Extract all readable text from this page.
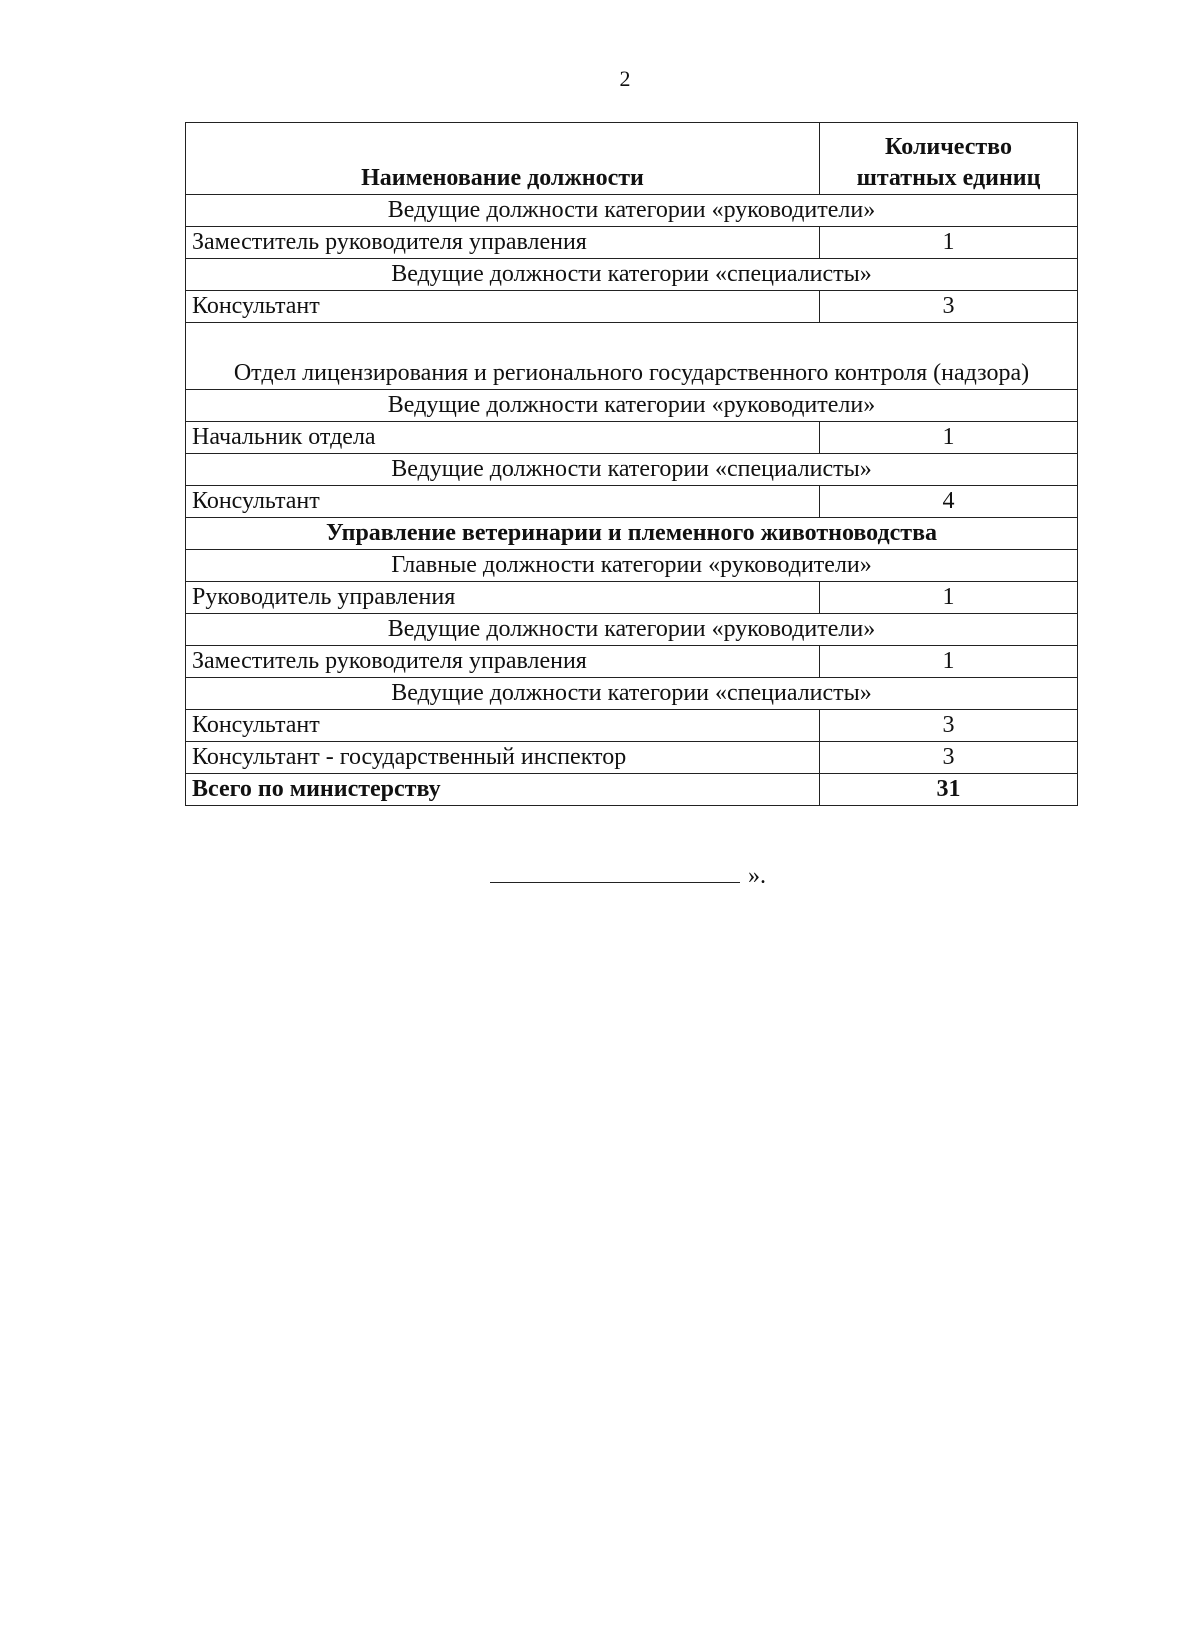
2
Наименование должности	Количество
штатных единиц
Ведущие должности категории «руководители»	
Заместитель руководителя управления	1
Ведущие должности категории «специалисты»	
Консультант	3
Отдел лицензирования и регионального государственного контроля (надзора)	
Ведущие должности категории «руководители»	
Начальник отдела	1
Ведущие должности категории «специалисты»	
Консультант	4
Управление ветеринарии и племенного животноводства	
Главные должности категории «руководители»	
Руководитель управления	1
Ведущие должности категории «руководители»	
Заместитель руководителя управления	1
Ведущие должности категории «специалисты»	
Консультант	3
Консультант - государственный инспектор	3
Всего по министерству	31
».
